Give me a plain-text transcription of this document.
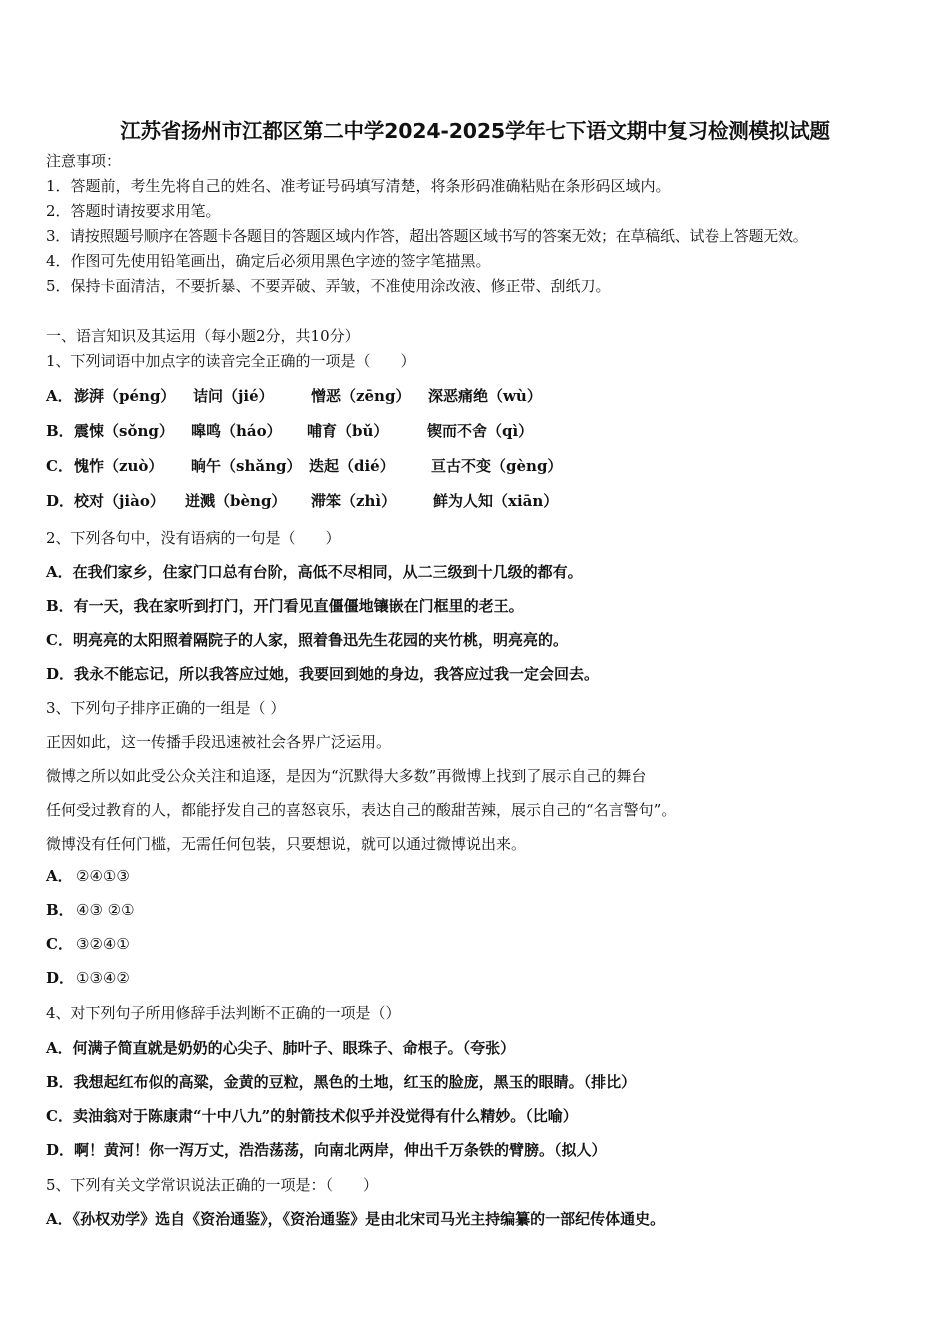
江苏省扬州市江都区第二中学2024-2025学年七下语文期中复习检测模拟试题
注意事项：
1．答题前，考生先将自己的姓名、准考证号码填写清楚，将条形码准确粘贴在条形码区域内。
2．答题时请按要求用笔。
3．请按照题号顺序在答题卡各题目的答题区域内作答，超出答题区域书写的答案无效；在草稿纸、试卷上答题无效。
4．作图可先使用铅笔画出，确定后必须用黑色字迹的签字笔描黑。
5．保持卡面清洁，不要折暴、不要弄破、弄皱，不准使用涂改液、修正带、刮纸刀。
一、语言知识及其运用（每小题2分，共10分）
1、下列词语中加点字的读音完全正确的一项是（　　）
A． 澎湃（péng） 诘问（jié） 憎恶（zēng） 深恶痛绝（wù）
B． 震悚（sǒng） 嗥鸣（háo） 哺育（bǔ）	锲而不舍（qì）
C． 愧怍（zuò） 晌午（shǎng） 迭起（dié） 亘古不变（gèng）
D． 校对（jiào） 迸溅（bèng） 滞笨（zhì） 鲜为人知（xiān）
2、下列各句中，没有语病的一句是（　　）
A．在我们家乡，住家门口总有台阶，高低不尽相同，从二三级到十几级的都有。
B．有一天，我在家听到打门，开门看见直僵僵地镶嵌在门框里的老王。
C．明亮亮的太阳照着隔院子的人家，照着鲁迅先生花园的夹竹桃，明亮亮的。
D．我永不能忘记，所以我答应过她，我要回到她的身边，我答应过我一定会回去。
3、下列句子排序正确的一组是（ ）
正因如此，这一传播手段迅速被社会各界广泛运用。
微博之所以如此受公众关注和追逐，是因为“沉默得大多数”再微博上找到了展示自己的舞台
任何受过教育的人，都能抒发自己的喜怒哀乐，表达自己的酸甜苦辣，展示自己的“名言警句”。
微博没有任何门槛，无需任何包装，只要想说，就可以通过微博说出来。
A． ②④①③
B． ④③ ②①
C． ③②④①
D． ①③④②
4、对下列句子所用修辞手法判断不正确的一项是（）
A．何满子简直就是奶奶的心尖子、肺叶子、眼珠子、命根子。（夸张）
B．我想起红布似的高粱，金黄的豆粒，黑色的土地，红玉的脸庞，黑玉的眼睛。（排比）
C．卖油翁对于陈康肃“十中八九”的射箭技术似乎并没觉得有什么精妙。（比喻）
D．啊！黄河！你一泻万丈，浩浩荡荡，向南北两岸，伸出千万条铁的臂膀。（拟人）
5、下列有关文学常识说法正确的一项是：（　　）
A．《孙权劝学》选自《资治通鉴》，《资治通鉴》是由北宋司马光主持编纂的一部纪传体通史。
